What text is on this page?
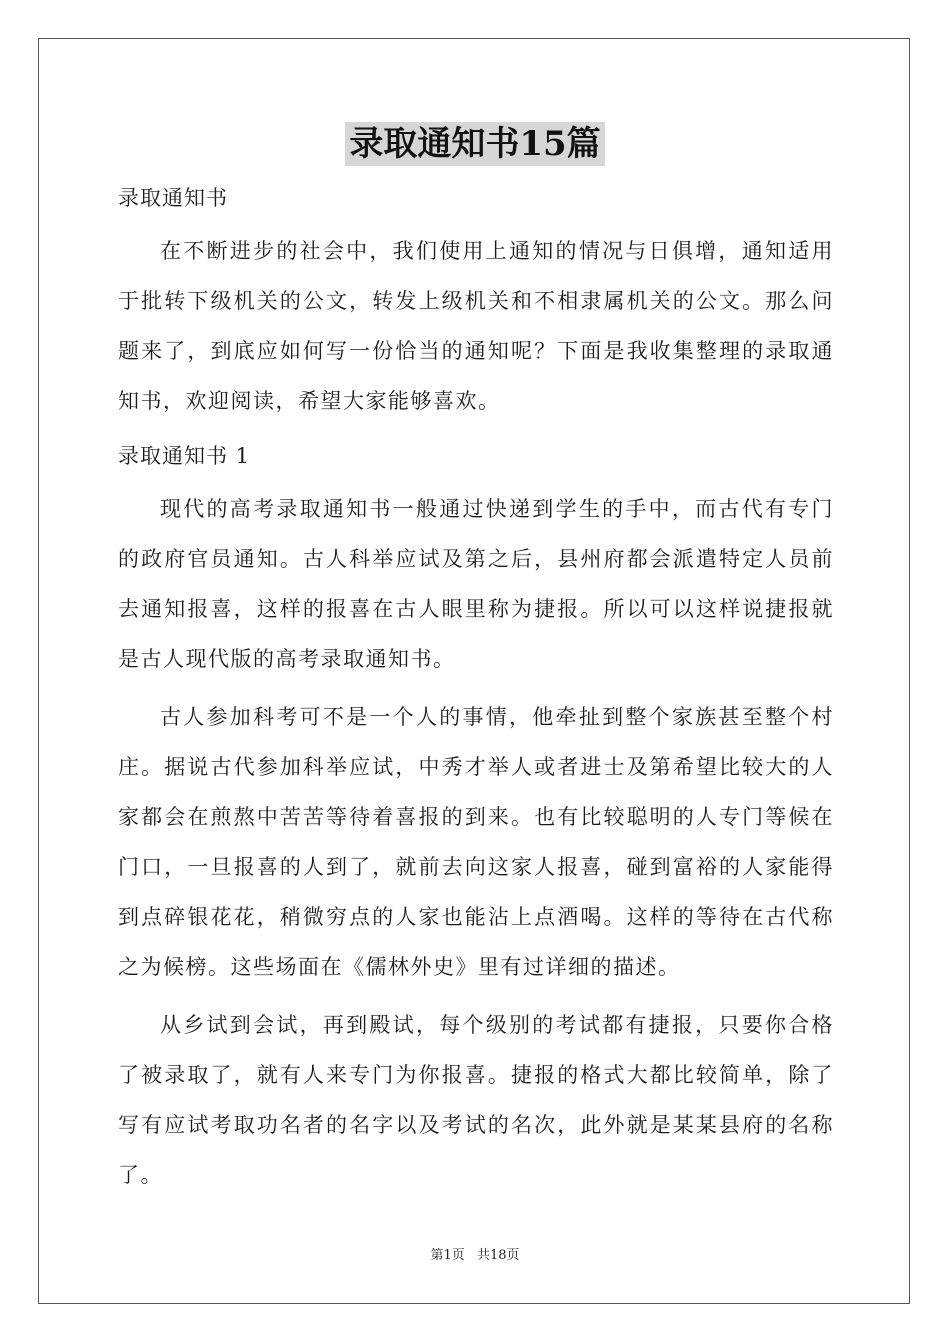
录取通知书15篇
录取通知书

在不断进步的社会中，我们使用上通知的情况与日俱增，通知适用于批转下级机关的公文，转发上级机关和不相隶属机关的公文。那么问题来了，到底应如何写一份恰当的通知呢？下面是我收集整理的录取通知书，欢迎阅读，希望大家能够喜欢。

录取通知书 1

现代的高考录取通知书一般通过快递到学生的手中，而古代有专门的政府官员通知。古人科举应试及第之后，县州府都会派遣特定人员前去通知报喜，这样的报喜在古人眼里称为捷报。所以可以这样说捷报就是古人现代版的高考录取通知书。

古人参加科考可不是一个人的事情，他牵扯到整个家族甚至整个村庄。据说古代参加科举应试，中秀才举人或者进士及第希望比较大的人家都会在煎熬中苦苦等待着喜报的到来。也有比较聪明的人专门等候在门口，一旦报喜的人到了，就前去向这家人报喜，碰到富裕的人家能得到点碎银花花，稍微穷点的人家也能沾上点酒喝。这样的等待在古代称之为候榜。这些场面在《儒林外史》里有过详细的描述。

从乡试到会试，再到殿试，每个级别的考试都有捷报，只要你合格了被录取了，就有人来专门为你报喜。捷报的格式大都比较简单，除了写有应试考取功名者的名字以及考试的名次，此外就是某某县府的名称了。

第1页 共18页
